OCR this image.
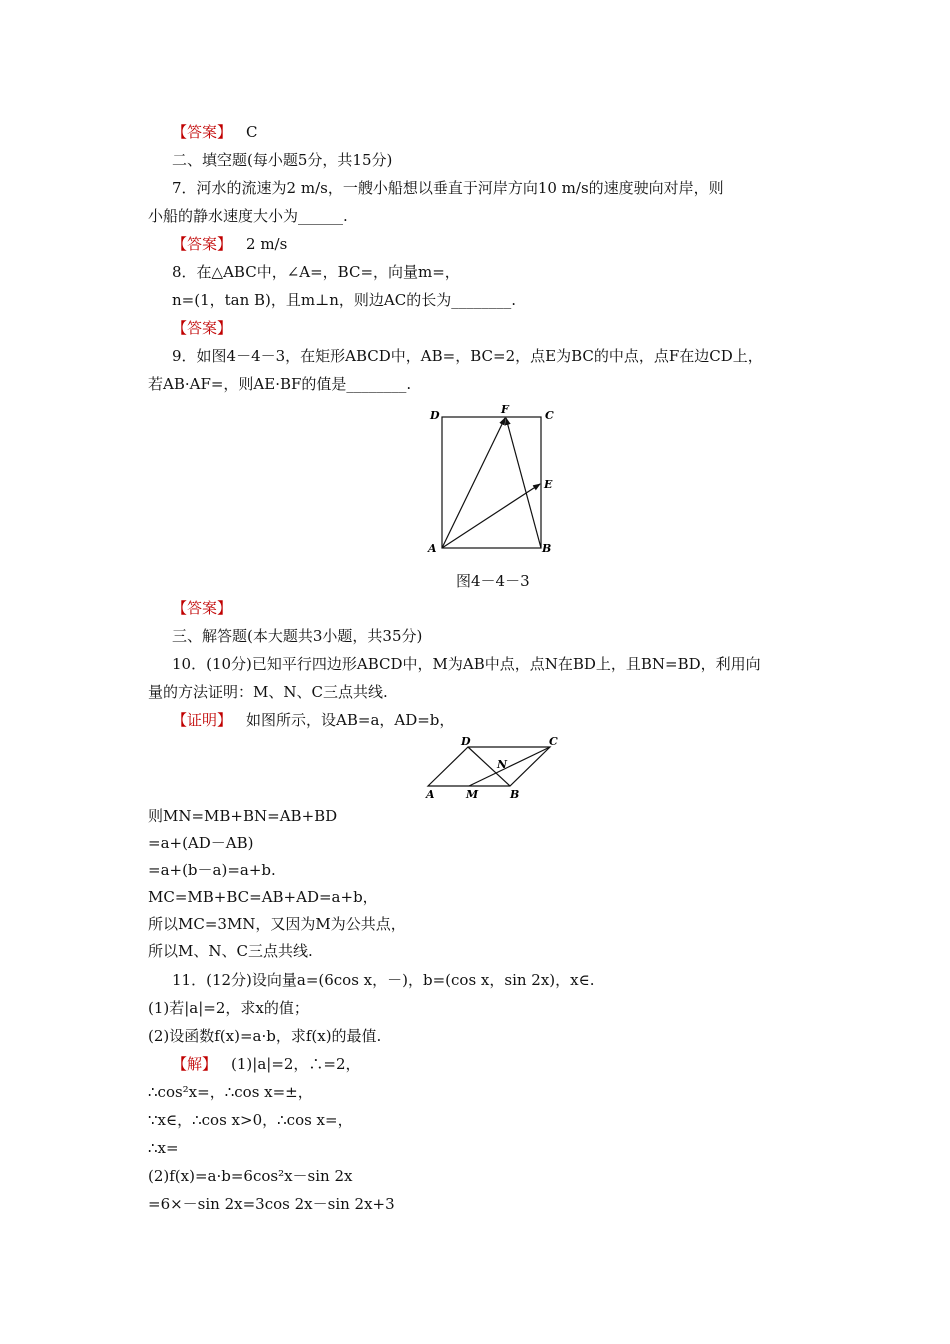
【答案】 C
二、填空题(每小题5分，共15分)
7．河水的流速为2 m/s，一艘小船想以垂直于河岸方向10 m/s的速度驶向对岸，则
小船的静水速度大小为______.
【答案】 2 m/s
8．在△ABC中，∠A=，BC=，向量m=，
n=(1，tan B)，且m⊥n，则边AC的长为________.
【答案】
9．如图4－4－3，在矩形ABCD中，AB=，BC=2，点E为BC的中点，点F在边CD上，
若AB·AF=，则AE·BF的值是________.
D	F	C
E
A	B
图4－4－3
【答案】
三、解答题(本大题共3小题，共35分)
10．(10分)已知平行四边形ABCD中，M为AB中点，点N在BD上，且BN=BD，利用向
量的方法证明：M、N、C三点共线.
【证明】 如图所示，设AB=a，AD=b，
D	C
N
A	M	B
则MN=MB+BN=AB+BD
=a+(AD－AB)
=a+(b－a)=a+b.
MC=MB+BC=AB+AD=a+b，
所以MC=3MN，又因为M为公共点，
所以M、N、C三点共线.
11．(12分)设向量a=(6cos x，－)，b=(cos x，sin 2x)，x∈.
(1)若|a|=2，求x的值；
(2)设函数f(x)=a·b，求f(x)的最值.
【解】 (1)|a|=2，∴=2，
∴cos²x=，∴cos x=±，
∵x∈，∴cos x>0，∴cos x=，
∴x=
(2)f(x)=a·b=6cos²x－sin 2x
=6×－sin 2x=3cos 2x－sin 2x+3
